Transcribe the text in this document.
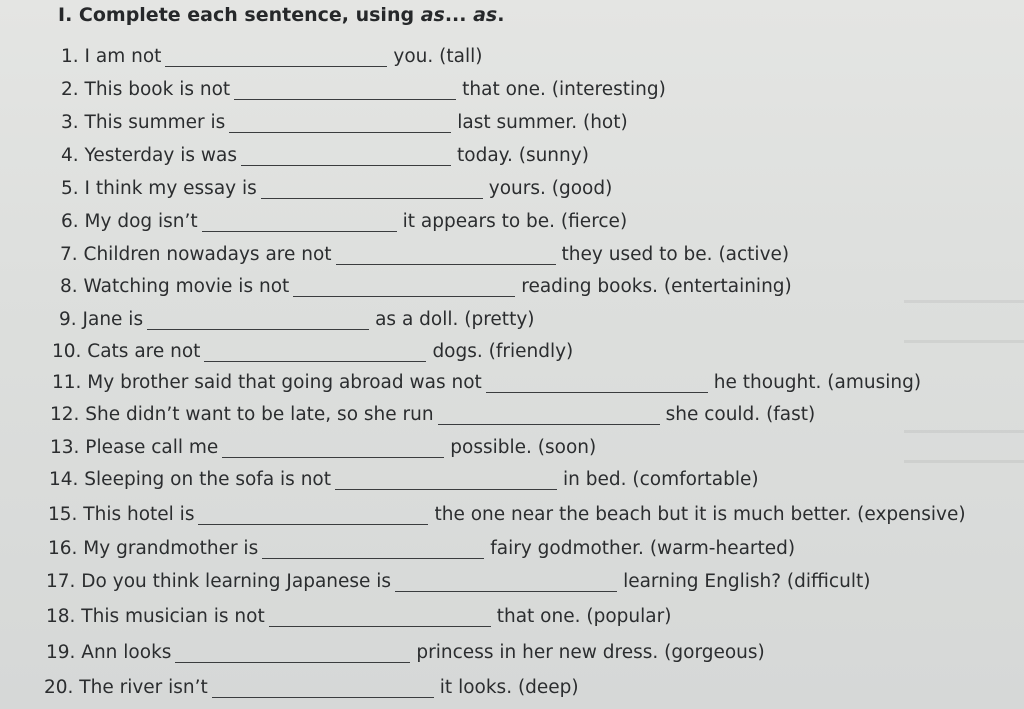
I. Complete each sentence, using as... as.
1. I am not	you. (tall)
2. This book is not	that one. (interesting)
3. This summer is	last summer. (hot)
4. Yesterday is was	today. (sunny)
5. I think my essay is	yours. (good)
6. My dog isn’t	it appears to be. (fierce)
7. Children nowadays are not	they used to be. (active)
8. Watching movie is not	reading books. (entertaining)
9. Jane is	as a doll. (pretty)
10. Cats are not	dogs. (friendly)
11. My brother said that going abroad was not	he thought. (amusing)
12. She didn’t want to be late, so she run	she could. (fast)
13. Please call me	possible. (soon)
14. Sleeping on the sofa is not	in bed. (comfortable)
15. This hotel is	the one near the beach but it is much better. (expensive)
16. My grandmother is	fairy godmother. (warm-hearted)
17. Do you think learning Japanese is	learning English? (difficult)
18. This musician is not	that one. (popular)
19. Ann looks	princess in her new dress. (gorgeous)
20. The river isn’t	it looks. (deep)
